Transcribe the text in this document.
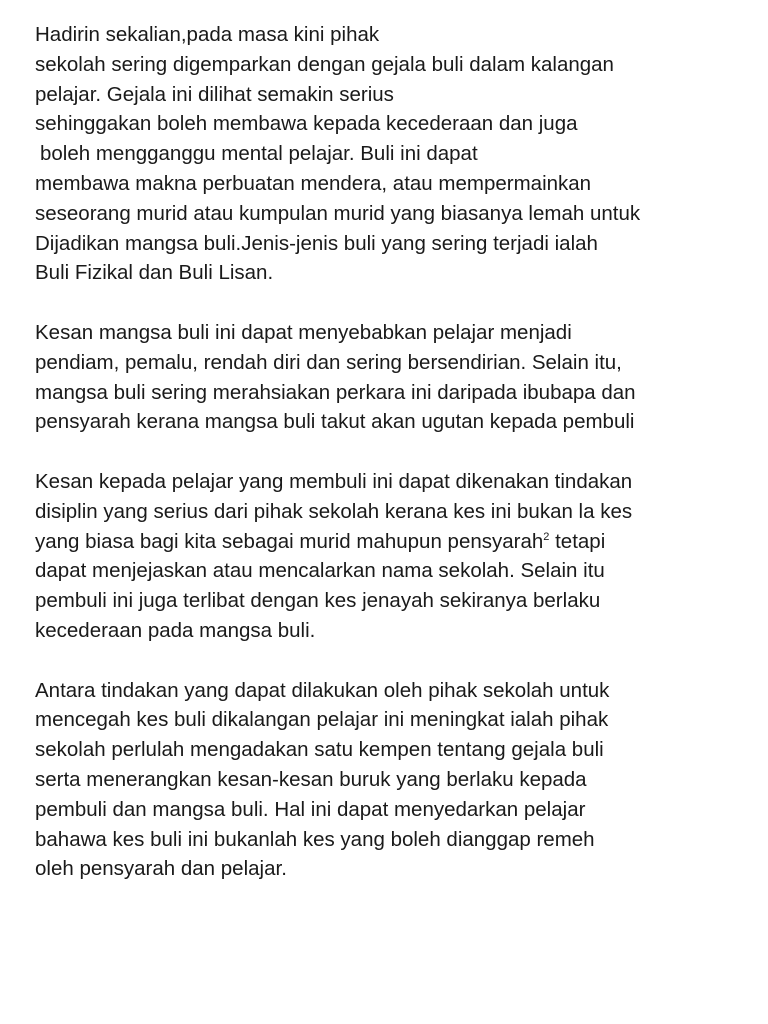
Hadirin sekalian,pada masa kini pihak
sekolah sering digemparkan dengan gejala buli dalam kalangan
pelajar. Gejala ini dilihat semakin serius
sehinggakan boleh membawa kepada kecederaan dan juga
boleh mengganggu mental pelajar. Buli ini dapat
membawa makna perbuatan mendera, atau mempermainkan
seseorang murid atau kumpulan murid yang biasanya lemah untuk
Dijadikan mangsa buli.Jenis-jenis buli yang sering terjadi ialah
Buli Fizikal dan Buli Lisan.

Kesan mangsa buli ini dapat menyebabkan pelajar menjadi
pendiam, pemalu, rendah diri dan sering bersendirian. Selain itu,
mangsa buli sering merahsiakan perkara ini daripada ibubapa dan
pensyarah kerana mangsa buli takut akan ugutan kepada pembuli

Kesan kepada pelajar yang membuli ini dapat dikenakan tindakan
disiplin yang serius dari pihak sekolah kerana kes ini bukan la kes
yang biasa bagi kita sebagai murid mahupun pensyarah$^2$ tetapi
dapat menjejaskan atau mencalarkan nama sekolah. Selain itu
pembuli ini juga terlibat dengan kes jenayah sekiranya berlaku
kecederaan pada mangsa buli.

Antara tindakan yang dapat dilakukan oleh pihak sekolah untuk
mencegah kes buli dikalangan pelajar ini meningkat ialah pihak
sekolah perlulah mengadakan satu kempen tentang gejala buli
serta menerangkan kesan-kesan buruk yang berlaku kepada
pembuli dan mangsa buli. Hal ini dapat menyedarkan pelajar
bahawa kes buli ini bukanlah kes yang boleh dianggap remeh
oleh pensyarah dan pelajar.
